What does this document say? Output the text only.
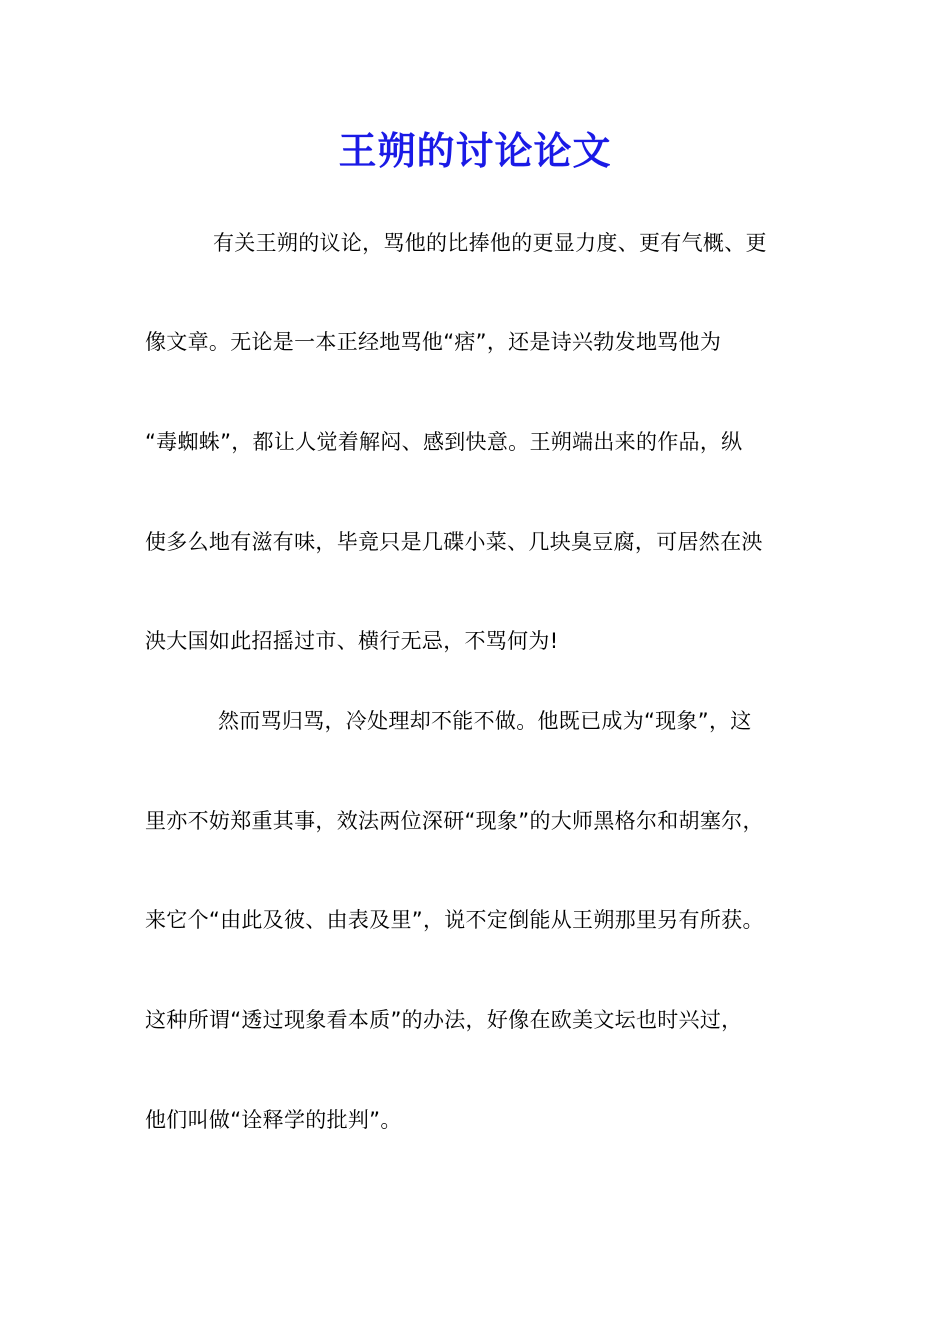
王朔的讨论论文
有关王朔的议论，骂他的比捧他的更显力度、更有气概、更
像文章。无论是一本正经地骂他“痞”，还是诗兴勃发地骂他为
“毒蜘蛛”，都让人觉着解闷、感到快意。王朔端出来的作品，纵
使多么地有滋有味，毕竟只是几碟小菜、几块臭豆腐，可居然在泱
泱大国如此招摇过市、横行无忌，不骂何为!
然而骂归骂，冷处理却不能不做。他既已成为“现象”，这
里亦不妨郑重其事，效法两位深研“现象”的大师黑格尔和胡塞尔，
来它个“由此及彼、由表及里”，说不定倒能从王朔那里另有所获。
这种所谓“透过现象看本质”的办法，好像在欧美文坛也时兴过，
他们叫做“诠释学的批判”。
